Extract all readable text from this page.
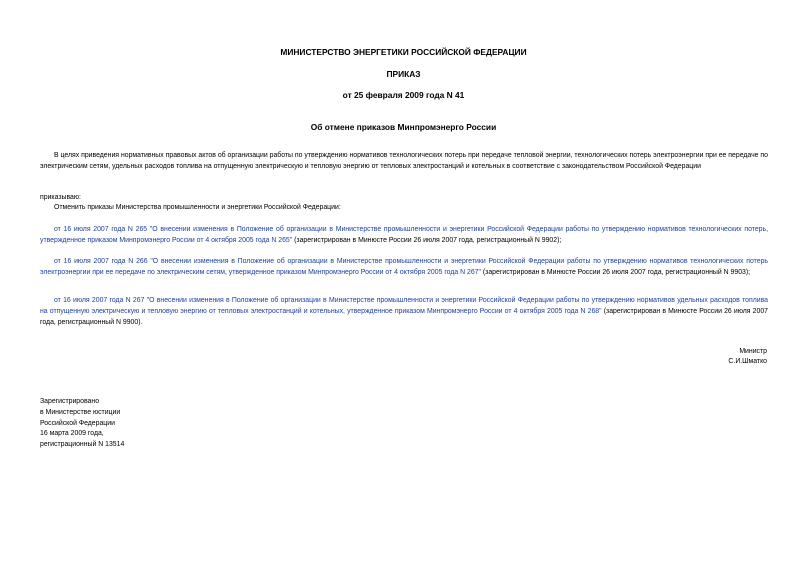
МИНИСТЕРСТВО ЭНЕРГЕТИКИ РОССИЙСКОЙ ФЕДЕРАЦИИ
ПРИКАЗ
от 25 февраля 2009 года N 41
Об отмене приказов Минпромэнерго России
В целях приведения нормативных правовых актов об организации работы по утверждению нормативов технологических потерь при передаче тепловой энергии, технологических потерь электроэнергии при ее передаче по электрическим сетям, удельных расходов топлива на отпущенную электрическую и тепловую энергию от тепловых электростанций и котельных в соответствие с законодательством Российской Федерации
приказываю:
Отменить приказы Министерства промышленности и энергетики Российской Федерации:
от 16 июля 2007 года N 265 "О внесении изменения в Положение об организации в Министерстве промышленности и энергетики Российской Федерации работы по утверждению нормативов технологических потерь, утвержденное приказом Минпромэнерго России от 4 октября 2005 года N 265" (зарегистрирован в Минюсте России 26 июля 2007 года, регистрационный N 9902);
от 16 июля 2007 года N 266 "О внесении изменения в Положение об организации в Министерстве промышленности и энергетики Российской Федерации работы по утверждению нормативов технологических потерь электроэнергии при ее передаче по электрическим сетям, утвержденное приказом Минпромэнерго России от 4 октября 2005 года N 267" (зарегистрирован в Минюсте России 26 июля 2007 года, регистрационный N 9903);
от 16 июля 2007 года N 267 "О внесении изменения в Положение об организации в Министерстве промышленности и энергетики Российской Федерации работы по утверждению нормативов удельных расходов топлива на отпущенную электрическую и тепловую энергию от тепловых электростанций и котельных, утвержденное приказом Минпромэнерго России от 4 октября 2005 года N 268" (зарегистрирован в Минюсте России 26 июля 2007 года, регистрационный N 9900).
Министр
С.И.Шматко
Зарегистрировано
в Министерстве юстиции
Российской Федерации
16 марта 2009 года,
регистрационный N 13514
